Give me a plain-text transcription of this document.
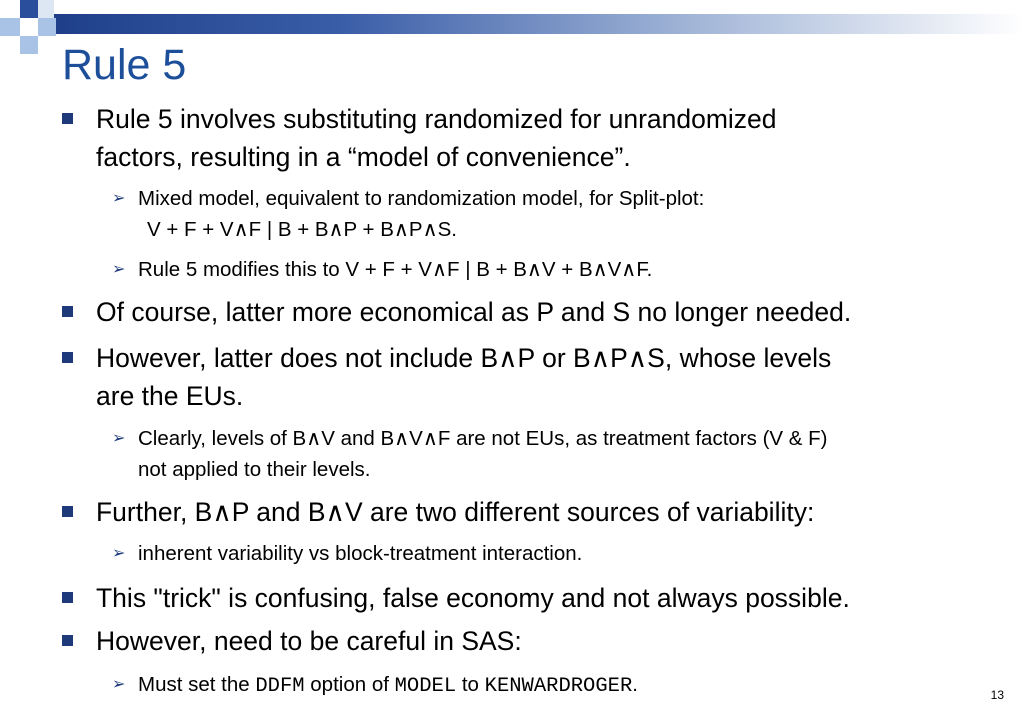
Rule 5
Rule 5 involves substituting randomized for unrandomized
factors, resulting in a “model of convenience”.
➢ Mixed model, equivalent to randomization model, for Split-plot:
V + F + V∧F | B + B∧P + B∧P∧S.
➢ Rule 5 modifies this to V + F + V∧F | B + B∧V + B∧V∧F.
Of course, latter more economical as P and S no longer needed.
However, latter does not include B∧P or B∧P∧S, whose levels
are the EUs.
➢ Clearly, levels of B∧V and B∧V∧F are not EUs, as treatment factors (V & F)
not applied to their levels.
Further, B∧P and B∧V are two different sources of variability:
➢ inherent variability vs block-treatment interaction.
This "trick" is confusing, false economy and not always possible.
However, need to be careful in SAS:
➢ Must set the DDFM option of MODEL to KENWARDROGER.	13
